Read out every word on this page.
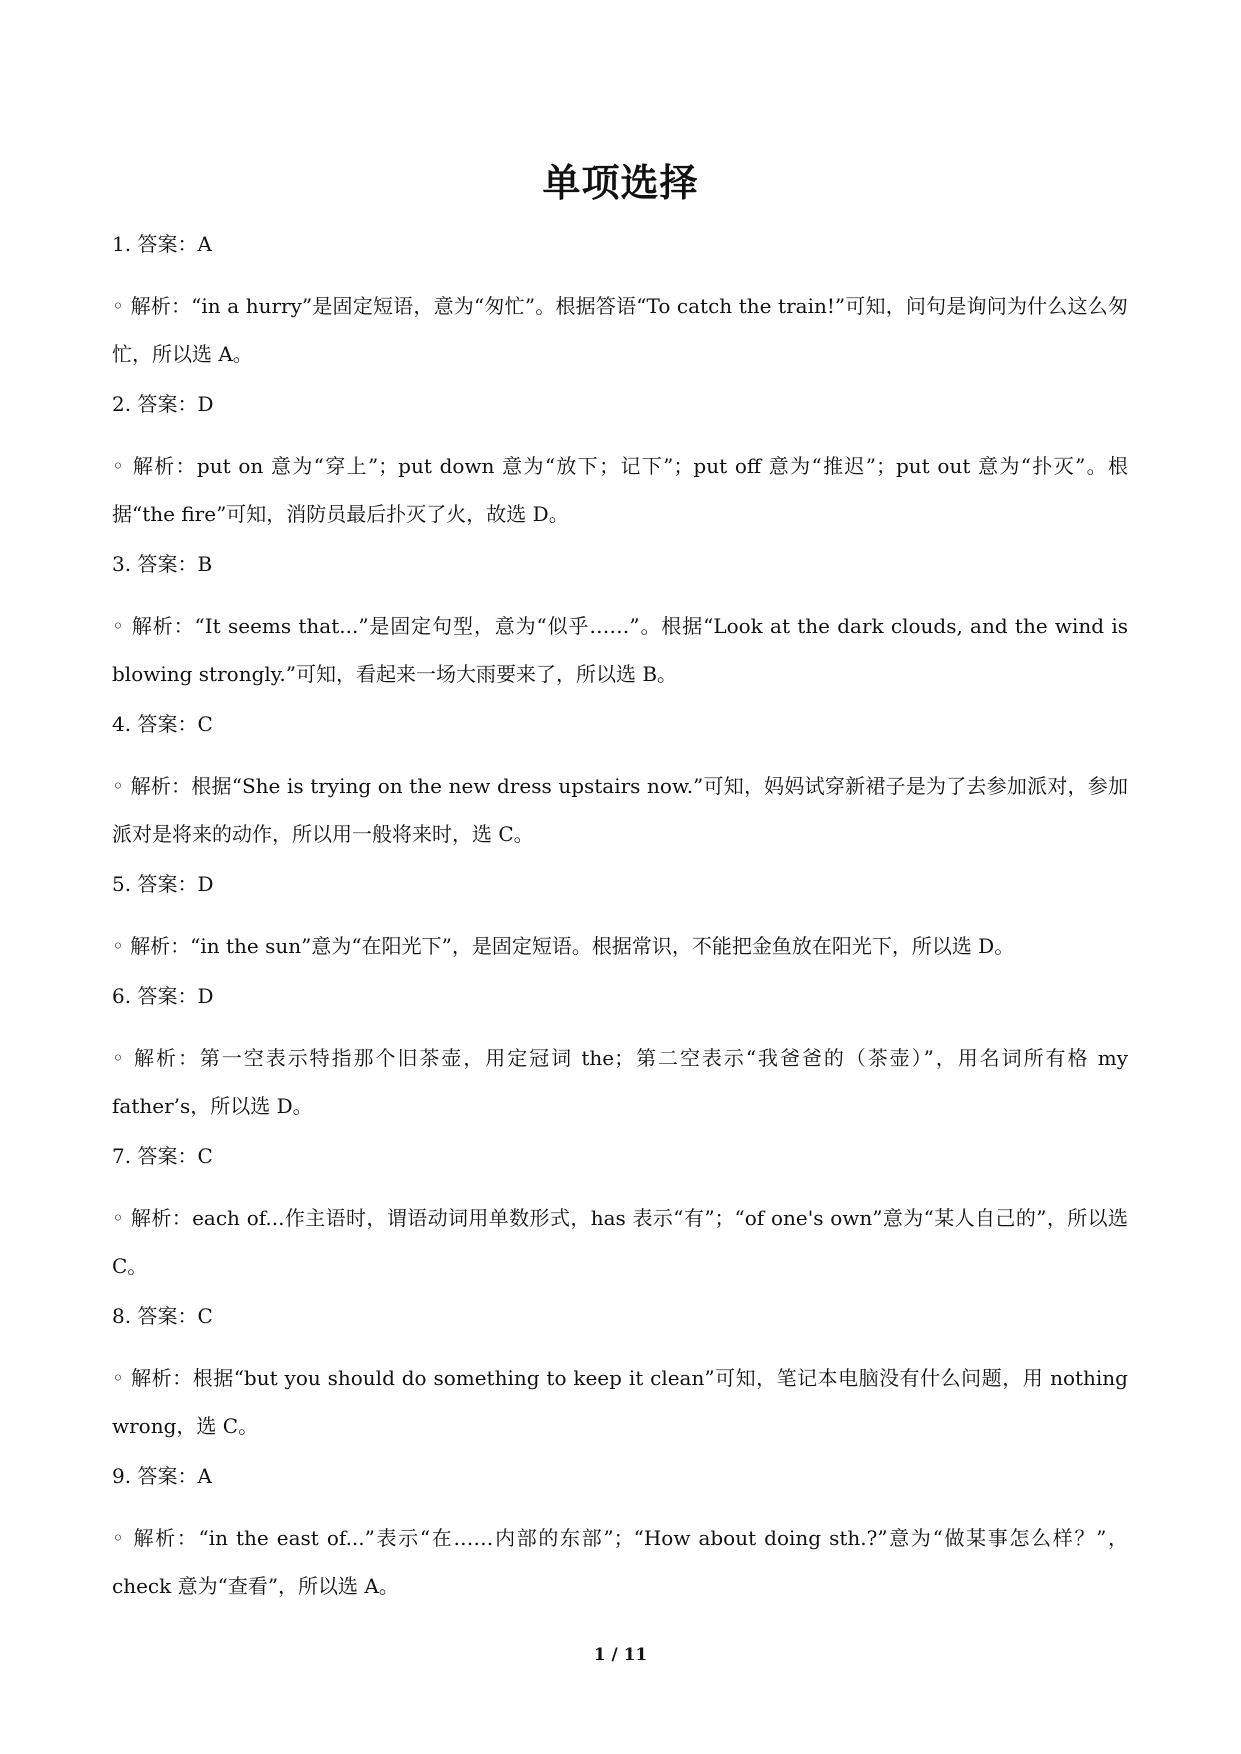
单项选择

1. 答案：A

◦ 解析：“in a hurry”是固定短语，意为“匆忙”。根据答语“To catch the train!”可知，问句是询问为什么这么匆忙，所以选 A。

2. 答案：D

◦ 解析：put on 意为“穿上”；put down 意为“放下；记下”；put off 意为“推迟”；put out 意为“扑灭”。根据“the fire”可知，消防员最后扑灭了火，故选 D。

3. 答案：B

◦ 解析：“It seems that...”是固定句型，意为“似乎……”。根据“Look at the dark clouds, and the wind is blowing strongly.”可知，看起来一场大雨要来了，所以选 B。

4. 答案：C

◦ 解析：根据“She is trying on the new dress upstairs now.”可知，妈妈试穿新裙子是为了去参加派对，参加派对是将来的动作，所以用一般将来时，选 C。

5. 答案：D

◦ 解析：“in the sun”意为“在阳光下”，是固定短语。根据常识，不能把金鱼放在阳光下，所以选 D。

6. 答案：D

◦ 解析：第一空表示特指那个旧茶壶，用定冠词 the；第二空表示“我爸爸的（茶壶）”，用名词所有格 my father’s，所以选 D。

7. 答案：C

◦ 解析：each of...作主语时，谓语动词用单数形式，has 表示“有”；“of one's own”意为“某人自己的”，所以选 C。

8. 答案：C

◦ 解析：根据“but you should do something to keep it clean”可知，笔记本电脑没有什么问题，用 nothing wrong，选 C。

9. 答案：A

◦ 解析：“in the east of...”表示“在……内部的东部”；“How about doing sth.?”意为“做某事怎么样？”，check 意为“查看”，所以选 A。

1 / 11
